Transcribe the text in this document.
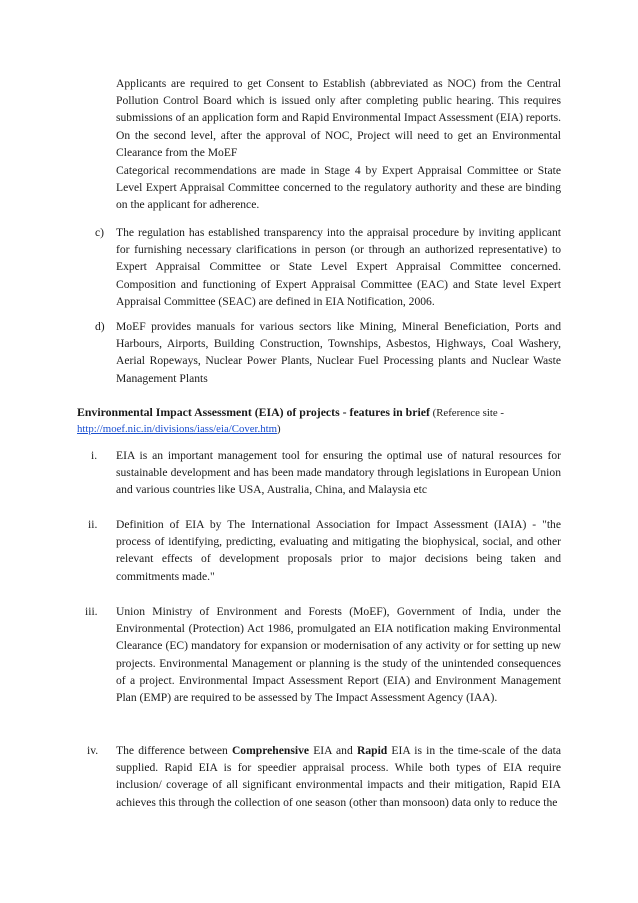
Applicants are required to get Consent to Establish (abbreviated as NOC) from the Central Pollution Control Board which is issued only after completing public hearing. This requires submissions of an application form and Rapid Environmental Impact Assessment (EIA) reports. On the second level, after the approval of NOC, Project will need to get an Environmental Clearance from the MoEF

Categorical recommendations are made in Stage 4 by Expert Appraisal Committee or State Level Expert Appraisal Committee concerned to the regulatory authority and these are binding on the applicant for adherence.

c) The regulation has established transparency into the appraisal procedure by inviting applicant for furnishing necessary clarifications in person (or through an authorized representative) to Expert Appraisal Committee or State Level Expert Appraisal Committee concerned. Composition and functioning of Expert Appraisal Committee (EAC) and State level Expert Appraisal Committee (SEAC) are defined in EIA Notification, 2006.

d) MoEF provides manuals for various sectors like Mining, Mineral Beneficiation, Ports and Harbours, Airports, Building Construction, Townships, Asbestos, Highways, Coal Washery, Aerial Ropeways, Nuclear Power Plants, Nuclear Fuel Processing plants and Nuclear Waste Management Plants

Environmental Impact Assessment (EIA) of projects - features in brief (Reference site -
http://moef.nic.in/divisions/iass/eia/Cover.htm)

i. EIA is an important management tool for ensuring the optimal use of natural resources for sustainable development and has been made mandatory through legislations in European Union and various countries like USA, Australia, China, and Malaysia etc

ii. Definition of EIA by The International Association for Impact Assessment (IAIA) - "the process of identifying, predicting, evaluating and mitigating the biophysical, social, and other relevant effects of development proposals prior to major decisions being taken and commitments made."

iii. Union Ministry of Environment and Forests (MoEF), Government of India, under the Environmental (Protection) Act 1986, promulgated an EIA notification making Environmental Clearance (EC) mandatory for expansion or modernisation of any activity or for setting up new projects. Environmental Management or planning is the study of the unintended consequences of a project. Environmental Impact Assessment Report (EIA) and Environment Management Plan (EMP) are required to be assessed by The Impact Assessment Agency (IAA).

iv. The difference between Comprehensive EIA and Rapid EIA is in the time-scale of the data supplied. Rapid EIA is for speedier appraisal process. While both types of EIA require inclusion/ coverage of all significant environmental impacts and their mitigation, Rapid EIA achieves this through the collection of one season (other than monsoon) data only to reduce the
